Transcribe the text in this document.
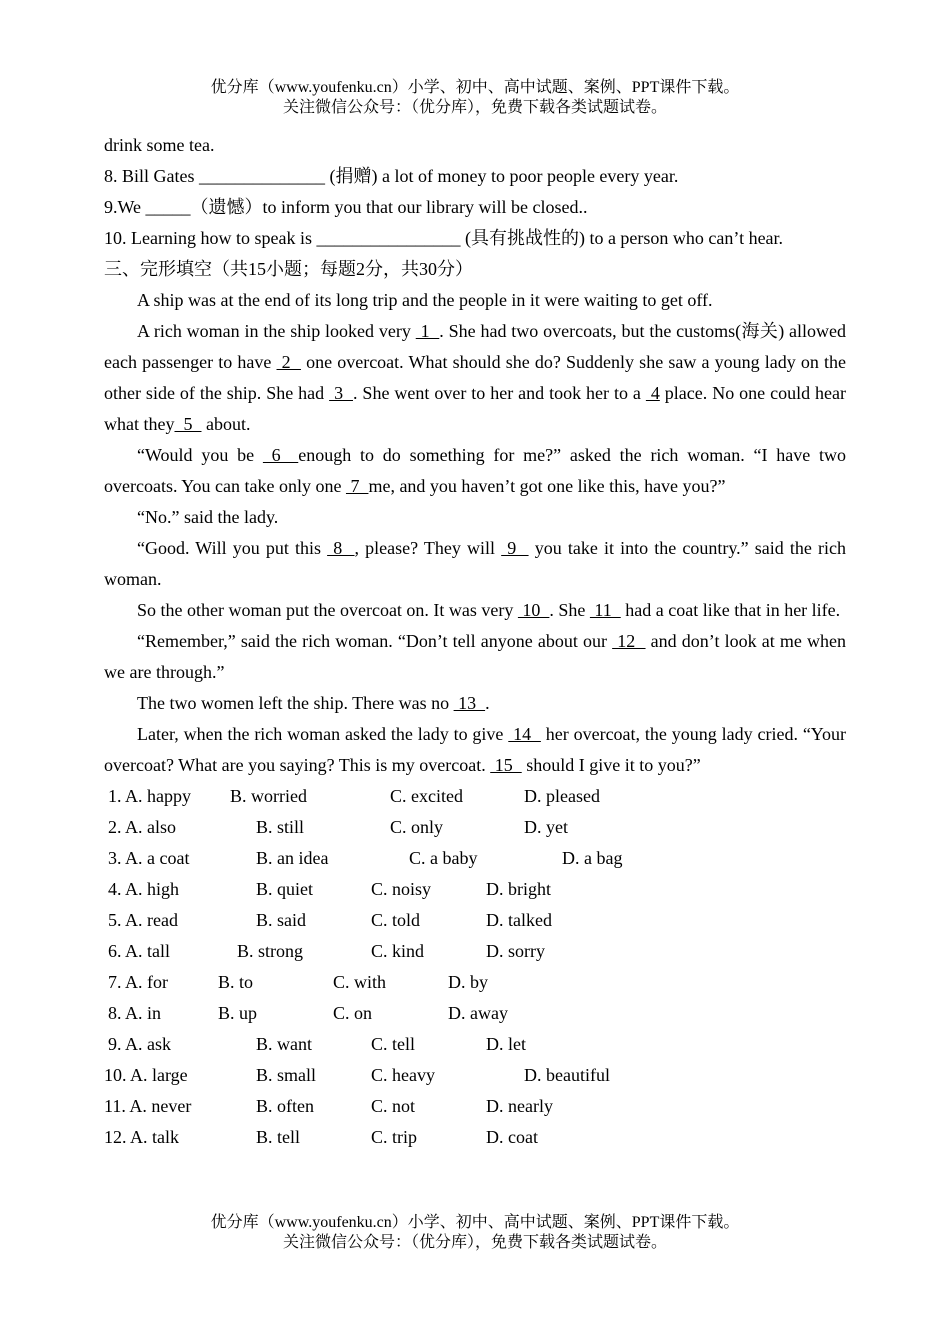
优分库（www.youfenku.cn）小学、初中、高中试题、案例、PPT课件下载。
关注微信公众号：（优分库），免费下载各类试题试卷。
drink some tea.
8. Bill Gates ______________ (捐赠) a lot of money to poor people every year.
9.We _____（遗憾）to inform you that our library will be closed..
10. Learning how to speak is ________________ (具有挑战性的) to a person who can’t hear.
三、完形填空（共15小题；每题2分，共30分）
A ship was at the end of its long trip and the people in it were waiting to get off.
A rich woman in the ship looked very  1  . She had two overcoats, but the customs(海关) allowed each passenger to have  2   one overcoat. What should she do? Suddenly she saw a young lady on the other side of the ship. She had  3  . She went over to her and took her to a  4 place. No one could hear what they  5   about.
“Would you be  6  enough to do something for me?” asked the rich woman. “I have two overcoats. You can take only one  7  me, and you haven’t got one like this, have you?”
“No.” said the lady.
“Good. Will you put this  8  , please? They will  9   you take it into the country.” said the rich woman.
So the other woman put the overcoat on. It was very  10  . She  11   had a coat like that in her life.
“Remember,” said the rich woman. “Don’t tell anyone about our  12   and don’t look at me when we are through.”
The two women left the ship. There was no  13  .
Later, when the rich woman asked the lady to give  14   her overcoat, the young lady cried. “Your overcoat? What are you saying? This is my overcoat.  15   should I give it to you?”
1. A. happy B. worried	C. excited	D. pleased
2. A. also	B. still	C. only	D. yet
3. A. a coat	B. an idea	C. a baby	D. a bag
4. A. high	B. quiet	C. noisy	D. bright
5. A. read	B. said	C. told	D. talked
6. A. tall	B. strong	C. kind	D. sorry
7. A. for	B. to	C. with	D. by
8. A. in	B. up	C. on	D. away
9. A. ask	B. want	C. tell	D. let
10. A. large	B. small	C. heavy	D. beautiful
11. A. never	B. often	C. not	D. nearly
12. A. talk	B. tell	C. trip	D. coat
优分库（www.youfenku.cn）小学、初中、高中试题、案例、PPT课件下载。
关注微信公众号：（优分库），免费下载各类试题试卷。
